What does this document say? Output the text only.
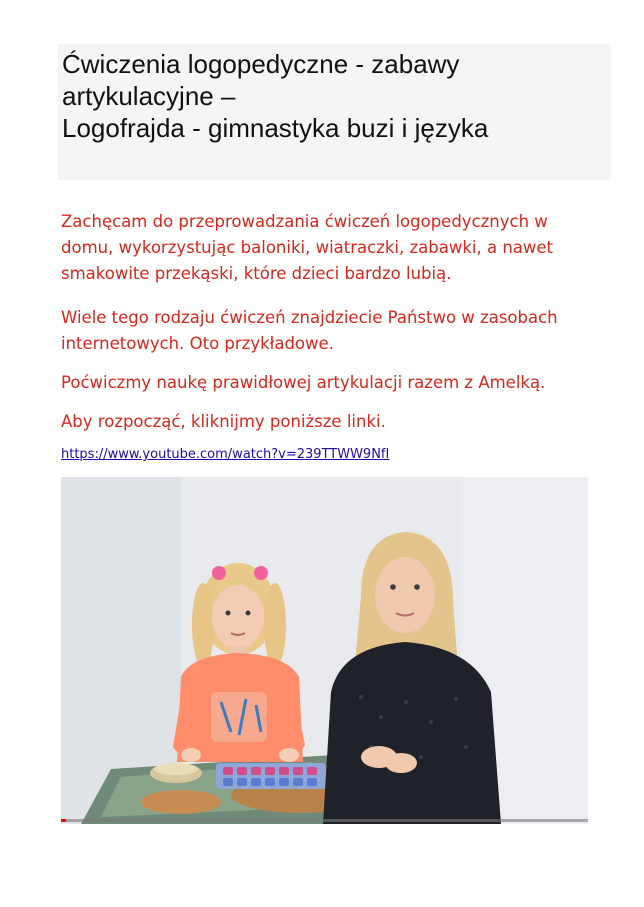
Ćwiczenia logopedyczne - zabawy
artykulacyjne –
Logofrajda - gimnastyka buzi i języka
Zachęcam do przeprowadzania ćwiczeń logopedycznych w
domu, wykorzystując baloniki, wiatraczki, zabawki, a nawet
smakowite przekąski, które dzieci bardzo lubią.
Wiele tego rodzaju ćwiczeń znajdziecie Państwo w zasobach
internetowych. Oto przykładowe.
Poćwiczmy naukę prawidłowej artykulacji razem z Amelką.
Aby rozpocząć, kliknijmy poniższe linki.
https://www.youtube.com/watch?v=239TTWW9NfI
